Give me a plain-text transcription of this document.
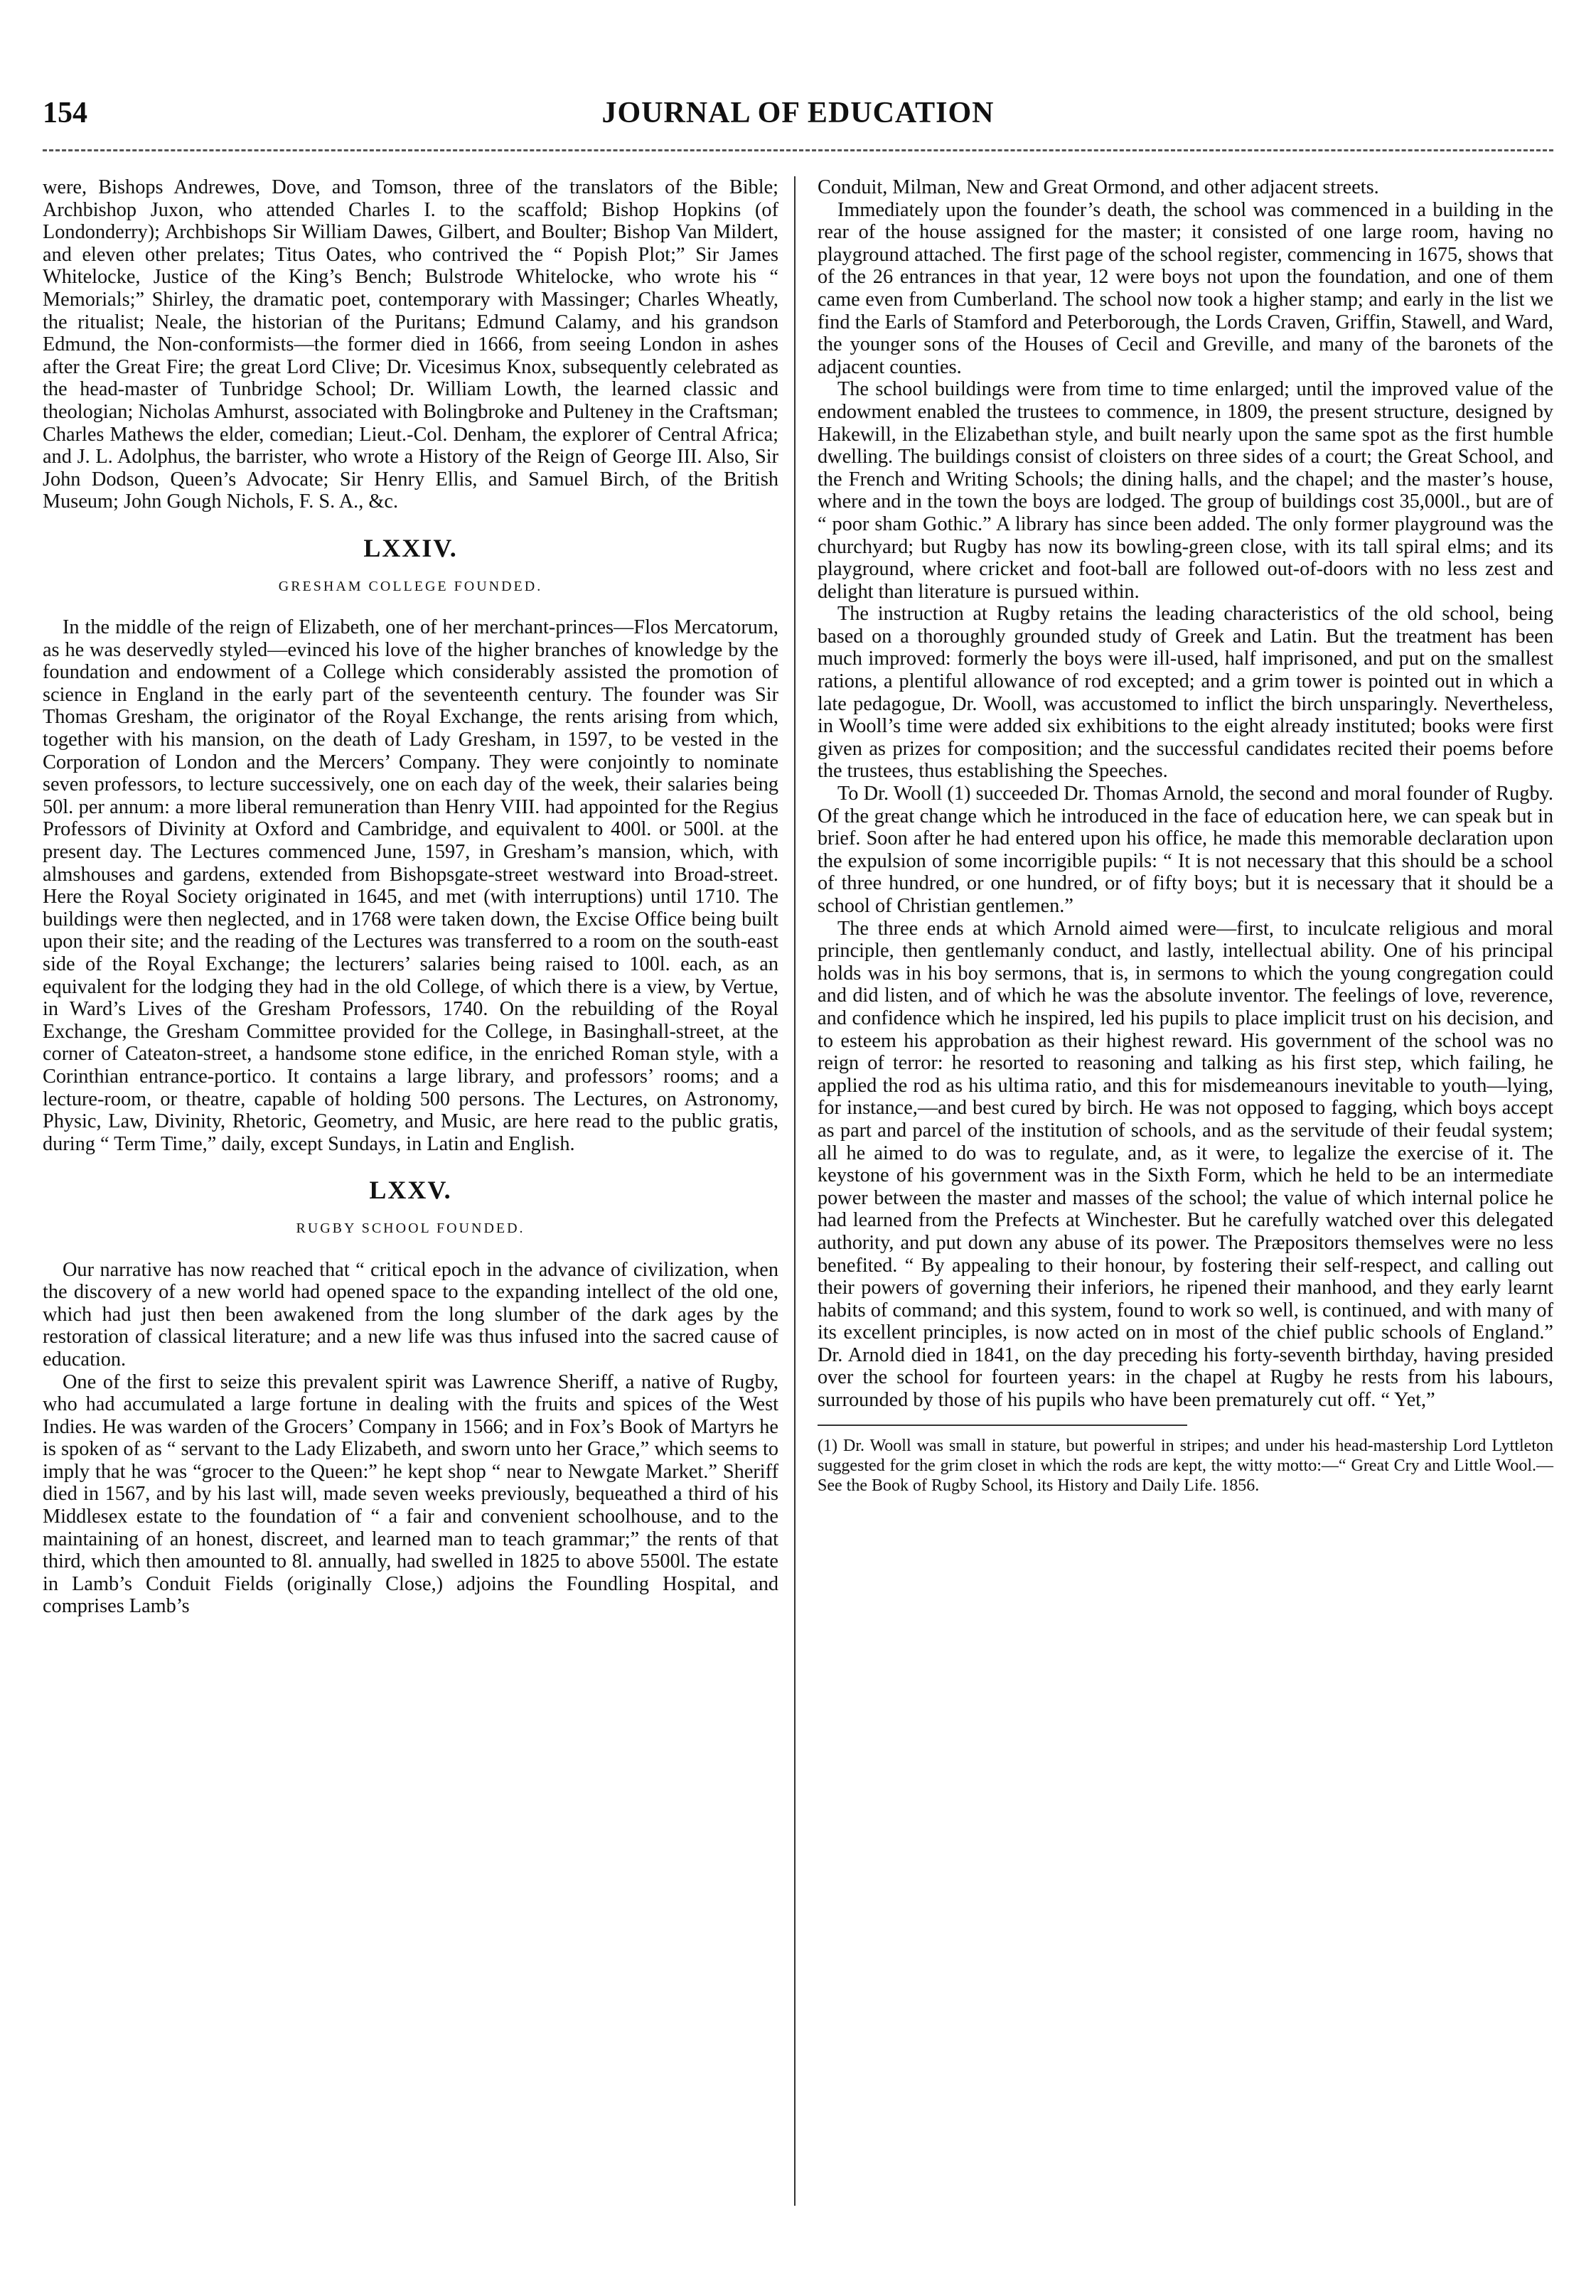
154	JOURNAL OF EDUCATION

were, Bishops Andrewes, Dove, and Tomson, three of the translators of the Bible; Archbishop Juxon, who attended Charles I. to the scaffold; Bishop Hopkins (of Londonderry); Archbishops Sir William Dawes, Gilbert, and Boulter; Bishop Van Mildert, and eleven other prelates; Titus Oates, who contrived the “ Popish Plot;” Sir James Whitelocke, Justice of the King’s Bench; Bulstrode Whitelocke, who wrote his “ Memorials;” Shirley, the dramatic poet, contemporary with Massinger; Charles Wheatly, the ritualist; Neale, the historian of the Puritans; Edmund Calamy, and his grandson Edmund, the Non-conformists—the former died in 1666, from seeing London in ashes after the Great Fire; the great Lord Clive; Dr. Vicesimus Knox, subsequently celebrated as the head-master of Tunbridge School; Dr. William Lowth, the learned classic and theologian; Nicholas Amhurst, associated with Bolingbroke and Pulteney in the Craftsman; Charles Mathews the elder, comedian; Lieut.-Col. Denham, the explorer of Central Africa; and J. L. Adolphus, the barrister, who wrote a History of the Reign of George III. Also, Sir John Dodson, Queen’s Advocate; Sir Henry Ellis, and Samuel Birch, of the British Museum; John Gough Nichols, F. S. A., &c.

LXXIV.
GRESHAM COLLEGE FOUNDED.

In the middle of the reign of Elizabeth, one of her merchant-princes—Flos Mercatorum, as he was deservedly styled—evinced his love of the higher branches of knowledge by the foundation and endowment of a College which considerably assisted the promotion of science in England in the early part of the seventeenth century. The founder was Sir Thomas Gresham, the originator of the Royal Exchange, the rents arising from which, together with his mansion, on the death of Lady Gresham, in 1597, to be vested in the Corporation of London and the Mercers’ Company. They were conjointly to nominate seven professors, to lecture successively, one on each day of the week, their salaries being 50l. per annum: a more liberal remuneration than Henry VIII. had appointed for the Regius Professors of Divinity at Oxford and Cambridge, and equivalent to 400l. or 500l. at the present day. The Lectures commenced June, 1597, in Gresham’s mansion, which, with almshouses and gardens, extended from Bishopsgate-street westward into Broad-street. Here the Royal Society originated in 1645, and met (with interruptions) until 1710. The buildings were then neglected, and in 1768 were taken down, the Excise Office being built upon their site; and the reading of the Lectures was transferred to a room on the south-east side of the Royal Exchange; the lecturers’ salaries being raised to 100l. each, as an equivalent for the lodging they had in the old College, of which there is a view, by Vertue, in Ward’s Lives of the Gresham Professors, 1740. On the rebuilding of the Royal Exchange, the Gresham Committee provided for the College, in Basinghall-street, at the corner of Cateaton-street, a handsome stone edifice, in the enriched Roman style, with a Corinthian entrance-portico. It contains a large library, and professors’ rooms; and a lecture-room, or theatre, capable of holding 500 persons. The Lectures, on Astronomy, Physic, Law, Divinity, Rhetoric, Geometry, and Music, are here read to the public gratis, during “ Term Time,” daily, except Sundays, in Latin and English.

LXXV.
RUGBY SCHOOL FOUNDED.

Our narrative has now reached that “ critical epoch in the advance of civilization, when the discovery of a new world had opened space to the expanding intellect of the old one, which had just then been awakened from the long slumber of the dark ages by the restoration of classical literature; and a new life was thus infused into the sacred cause of education.

One of the first to seize this prevalent spirit was Lawrence Sheriff, a native of Rugby, who had accumulated a large fortune in dealing with the fruits and spices of the West Indies. He was warden of the Grocers’ Company in 1566; and in Fox’s Book of Martyrs he is spoken of as “ servant to the Lady Elizabeth, and sworn unto her Grace,” which seems to imply that he was “grocer to the Queen:” he kept shop “ near to Newgate Market.” Sheriff died in 1567, and by his last will, made seven weeks previously, bequeathed a third of his Middlesex estate to the foundation of “ a fair and convenient schoolhouse, and to the maintaining of an honest, discreet, and learned man to teach grammar;” the rents of that third, which then amounted to 8l. annually, had swelled in 1825 to above 5500l. The estate in Lamb’s Conduit Fields (originally Close,) adjoins the Foundling Hospital, and comprises Lamb’s

Conduit, Milman, New and Great Ormond, and other adjacent streets.

Immediately upon the founder’s death, the school was commenced in a building in the rear of the house assigned for the master; it consisted of one large room, having no playground attached. The first page of the school register, commencing in 1675, shows that of the 26 entrances in that year, 12 were boys not upon the foundation, and one of them came even from Cumberland. The school now took a higher stamp; and early in the list we find the Earls of Stamford and Peterborough, the Lords Craven, Griffin, Stawell, and Ward, the younger sons of the Houses of Cecil and Greville, and many of the baronets of the adjacent counties.

The school buildings were from time to time enlarged; until the improved value of the endowment enabled the trustees to commence, in 1809, the present structure, designed by Hakewill, in the Elizabethan style, and built nearly upon the same spot as the first humble dwelling. The buildings consist of cloisters on three sides of a court; the Great School, and the French and Writing Schools; the dining halls, and the chapel; and the master’s house, where and in the town the boys are lodged. The group of buildings cost 35,000l., but are of “ poor sham Gothic.” A library has since been added. The only former playground was the churchyard; but Rugby has now its bowling-green close, with its tall spiral elms; and its playground, where cricket and foot-ball are followed out-of-doors with no less zest and delight than literature is pursued within.

The instruction at Rugby retains the leading characteristics of the old school, being based on a thoroughly grounded study of Greek and Latin. But the treatment has been much improved: formerly the boys were ill-used, half imprisoned, and put on the smallest rations, a plentiful allowance of rod excepted; and a grim tower is pointed out in which a late pedagogue, Dr. Wooll, was accustomed to inflict the birch unsparingly. Nevertheless, in Wooll’s time were added six exhibitions to the eight already instituted; books were first given as prizes for composition; and the successful candidates recited their poems before the trustees, thus establishing the Speeches.

To Dr. Wooll (1) succeeded Dr. Thomas Arnold, the second and moral founder of Rugby. Of the great change which he introduced in the face of education here, we can speak but in brief. Soon after he had entered upon his office, he made this memorable declaration upon the expulsion of some incorrigible pupils: “ It is not necessary that this should be a school of three hundred, or one hundred, or of fifty boys; but it is necessary that it should be a school of Christian gentlemen.”

The three ends at which Arnold aimed were—first, to inculcate religious and moral principle, then gentlemanly conduct, and lastly, intellectual ability. One of his principal holds was in his boy sermons, that is, in sermons to which the young congregation could and did listen, and of which he was the absolute inventor. The feelings of love, reverence, and confidence which he inspired, led his pupils to place implicit trust on his decision, and to esteem his approbation as their highest reward. His government of the school was no reign of terror: he resorted to reasoning and talking as his first step, which failing, he applied the rod as his ultima ratio, and this for misdemeanours inevitable to youth—lying, for instance,—and best cured by birch. He was not opposed to fagging, which boys accept as part and parcel of the institution of schools, and as the servitude of their feudal system; all he aimed to do was to regulate, and, as it were, to legalize the exercise of it. The keystone of his government was in the Sixth Form, which he held to be an intermediate power between the master and masses of the school; the value of which internal police he had learned from the Prefects at Winchester. But he carefully watched over this delegated authority, and put down any abuse of its power. The Præpositors themselves were no less benefited. “ By appealing to their honour, by fostering their self-respect, and calling out their powers of governing their inferiors, he ripened their manhood, and they early learnt habits of command; and this system, found to work so well, is continued, and with many of its excellent principles, is now acted on in most of the chief public schools of England.” Dr. Arnold died in 1841, on the day preceding his forty-seventh birthday, having presided over the school for fourteen years: in the chapel at Rugby he rests from his labours, surrounded by those of his pupils who have been prematurely cut off. “ Yet,”

(1) Dr. Wooll was small in stature, but powerful in stripes; and under his head-mastership Lord Lyttleton suggested for the grim closet in which the rods are kept, the witty motto:—“ Great Cry and Little Wool.—See the Book of Rugby School, its History and Daily Life. 1856.
